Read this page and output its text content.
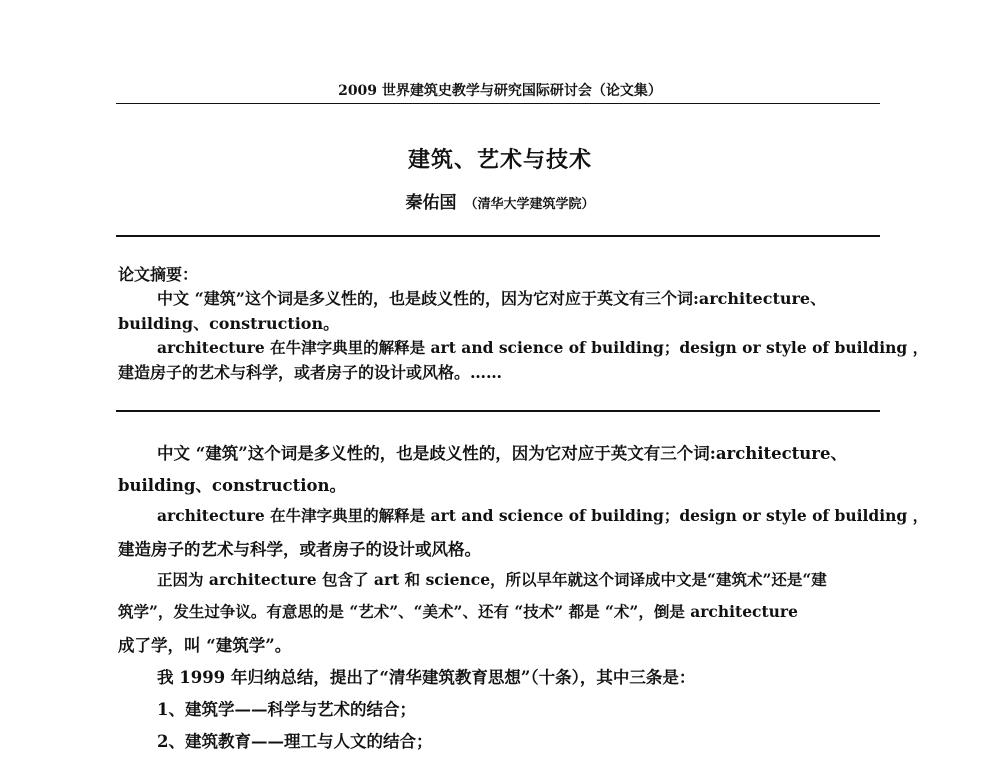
2009 世界建筑史教学与研究国际研讨会（论文集）
建筑、艺术与技术
秦佑国 （清华大学建筑学院）
论文摘要：
中文 “建筑”这个词是多义性的，也是歧义性的，因为它对应于英文有三个词:architecture、
building、construction。
architecture 在牛津字典里的解释是 art and science of building；design or style of building ，
建造房子的艺术与科学，或者房子的设计或风格。……
中文 “建筑”这个词是多义性的，也是歧义性的，因为它对应于英文有三个词:architecture、
building、construction。
architecture 在牛津字典里的解释是 art and science of building；design or style of building ，
建造房子的艺术与科学，或者房子的设计或风格。
正因为 architecture 包含了 art 和 science，所以早年就这个词译成中文是“建筑术”还是“建
筑学”，发生过争议。有意思的是 “艺术”、“美术”、还有 “技术” 都是 “术”，倒是 architecture
成了学，叫 “建筑学”。
我 1999 年归纳总结，提出了“清华建筑教育思想”（十条），其中三条是：
1、建筑学——科学与艺术的结合；
2、建筑教育——理工与人文的结合；
